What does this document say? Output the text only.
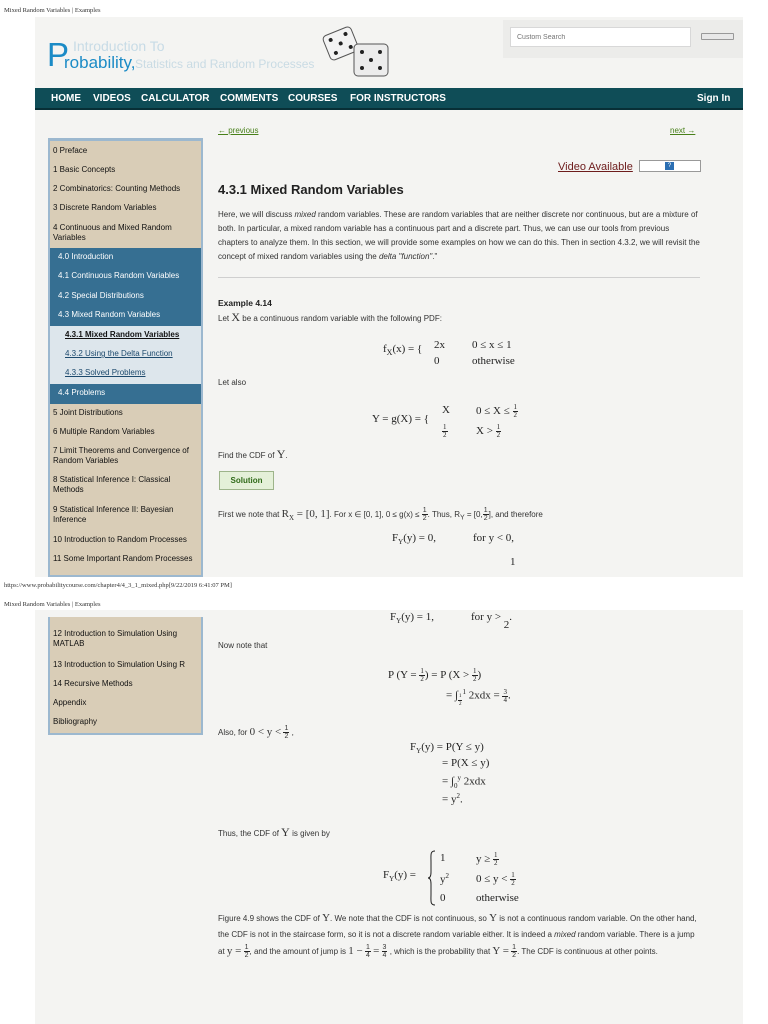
Mixed Random Variables | Examples
https://www.probabilitycourse.com/chapter4/4_3_1_mixed.php[9/22/2019 6:41:07 PM]
Mixed Random Variables | Examples
P Introduction To
robability, Statistics and Random Processes
Custom Search
HOME VIDEOS CALCULATOR COMMENTS COURSES FOR INSTRUCTORS	Sign In
0 Preface
1 Basic Concepts
2 Combinatorics: Counting Methods
3 Discrete Random Variables
4 Continuous and Mixed Random Variables
4.0 Introduction
4.1 Continuous Random Variables
4.2 Special Distributions
4.3 Mixed Random Variables
4.3.1 Mixed Random Variables
4.3.2 Using the Delta Function
4.3.3 Solved Problems
4.4 Problems
5 Joint Distributions
6 Multiple Random Variables
7 Limit Theorems and Convergence of Random Variables
8 Statistical Inference I: Classical Methods
9 Statistical Inference II: Bayesian Inference
10 Introduction to Random Processes
11 Some Important Random Processes
12 Introduction to Simulation Using MATLAB
13 Introduction to Simulation Using R
14 Recursive Methods
Appendix
Bibliography
← previous	next →
Video Available	?
4.3.1 Mixed Random Variables
Here, we will discuss mixed random variables. These are random variables that are neither discrete nor continuous, but are a mixture of both. In particular, a mixed random variable has a continuous part and a discrete part. Thus, we can use our tools from previous chapters to analyze them. In this section, we will provide some examples on how we can do this. Then in section 4.3.2, we will revisit the concept of mixed random variables using the delta "function"."
Example 4.14
Let X be a continuous random variable with the following PDF:
$f_X(x)$ = { 2x 0 ≤ x ≤ 1
0	otherwise
Let also
Y = g(X) = {
X $0 \le X \le \frac{1}{2}$
$\frac{1}{2}$	$X > \frac{1}{2}$
Find the CDF of Y.
Solution
First we note that $R_X = [0$, 1]. For x ∈ [0, 1], $0 \le g(x) \le \frac{1}{2}$ . Thus, $R_Y = [0$, $\frac{1}{2}$ ], and therefore
$F_Y(y) = 0$,	for y < 0,
1
$F_Y(y) = 1$,	for y > 2.
Now note that
P ($Y = \frac{1}{2}$ ) = P ($X > \frac{1}{2}$ )
= ∫ $_{\frac{1}{2}}$
$^1$ $2xdx = \frac{3}{4}$ .
Also, for $0 < y < \frac{1}{2}$ ,
$F_Y(y) = P(Y \le y)$
= P(X ≤ y)
= $\int_0^y$ 2xdx
= $y^2$.
Thus, the CDF of Y is given by
$F_Y(y)$ =
1	$y \ge \frac{1}{2}$
$y^2$ $0 \le y < \frac{1}{2}$
0	otherwise
Figure 4.9 shows the CDF of Y. We note that the CDF is not continuous, so Y is not a continuous random variable. On the other hand, the CDF is not in the staircase form, so it is not a discrete random variable either. It is indeed a mixed random variable. There is a jump at $y = \frac{1}{2}$ , and the amount of jump is $1 - \frac{1}{4} = \frac{3}{4}$ , which is the probability that $Y = \frac{1}{2}$ . The CDF is continuous at other points.
